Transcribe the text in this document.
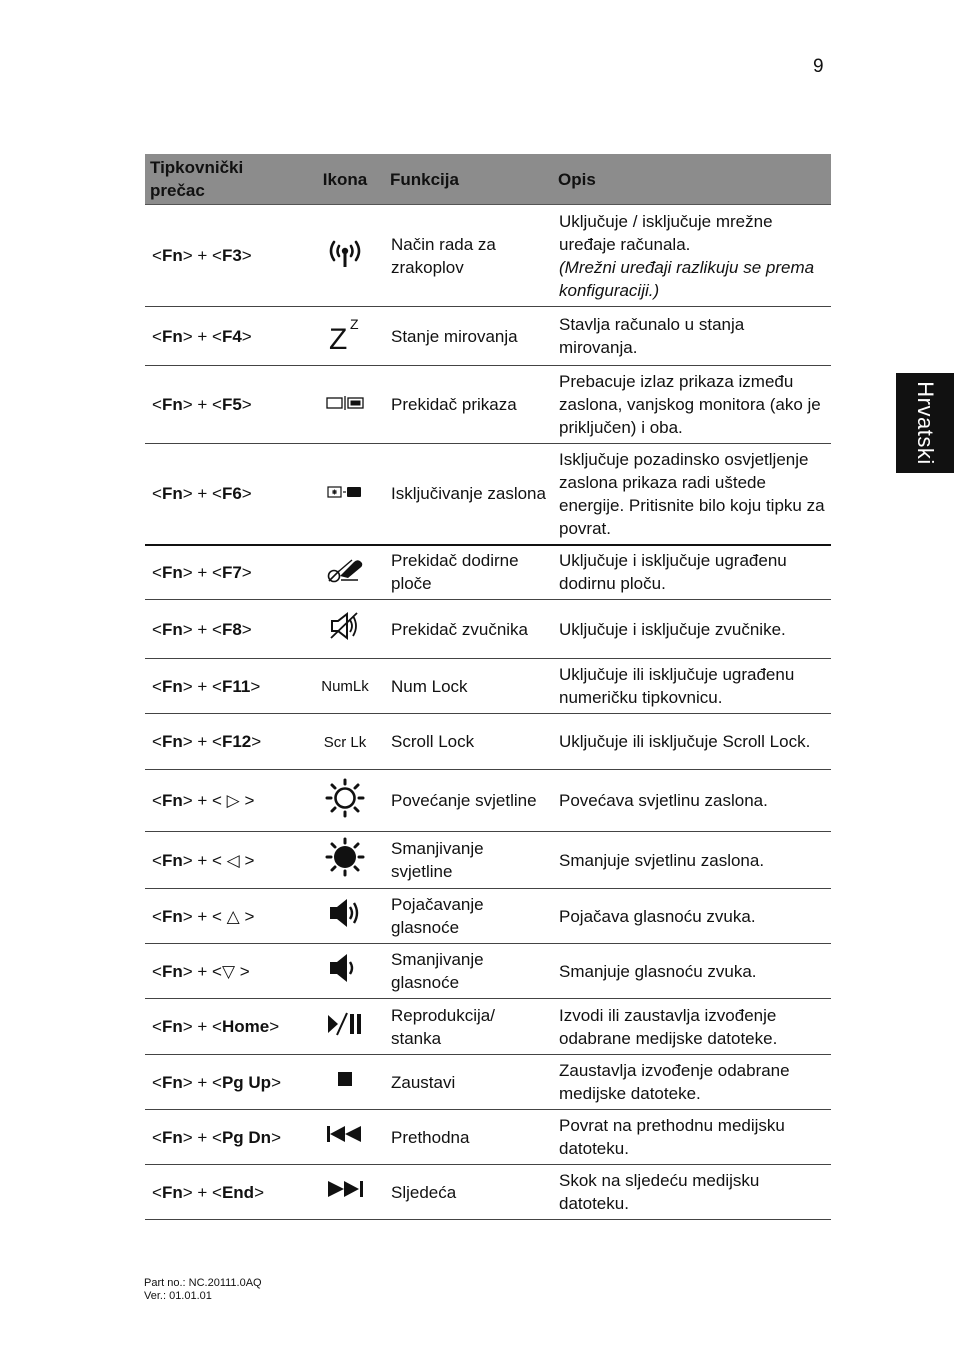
9
Hrvatski
Tipkovnički prečac	Ikona	Funkcija	Opis
<Fn> + <F3>		Način rada za zrakoplov	Uključuje / isključuje mrežne uređaje računala.
(Mrežni uređaji razlikuju se prema konfiguraciji.)

<Fn> + <F4>	Z Z	Stanje mirovanja	Stavlja računalo u stanja mirovanja.
<Fn> + <F5>		Prekidač prikaza	Prebacuje izlaz prikaza između zaslona, vanjskog monitora (ako je priključen) i oba.
<Fn> + <F6>		Isključivanje zaslona	Isključuje pozadinsko osvjetljenje zaslona prikaza radi uštede energije. Pritisnite bilo koju tipku za povrat.
<Fn> + <F7>		Prekidač dodirne ploče	Uključuje i isključuje ugrađenu dodirnu ploču.
<Fn> + <F8>		Prekidač zvučnika	Uključuje i isključuje zvučnike.
<Fn> + <F11>	NumLk	Num Lock	Uključuje ili isključuje ugrađenu numeričku tipkovnicu.
<Fn> + <F12>	Scr Lk	Scroll Lock	Uključuje ili isključuje Scroll Lock.
<Fn> + < ▷ >		Povećanje svjetline	Povećava svjetlinu zaslona.
<Fn> + < ◁ >		Smanjivanje svjetline	Smanjuje svjetlinu zaslona.
<Fn> + < △ >		Pojačavanje glasnoće	Pojačava glasnoću zvuka.
<Fn> + <▽ >		Smanjivanje glasnoće	Smanjuje glasnoću zvuka.
<Fn> + <Home>		Reprodukcija/ stanka	Izvodi ili zaustavlja izvođenje odabrane medijske datoteke.
<Fn> + <Pg Up>		Zaustavi	Zaustavlja izvođenje odabrane medijske datoteke.
<Fn> + <Pg Dn>		Prethodna	Povrat na prethodnu medijsku datoteku.
<Fn> + <End>		Sljedeća	Skok na sljedeću medijsku datoteku.
Part no.: NC.20111.0AQ
Ver.: 01.01.01
